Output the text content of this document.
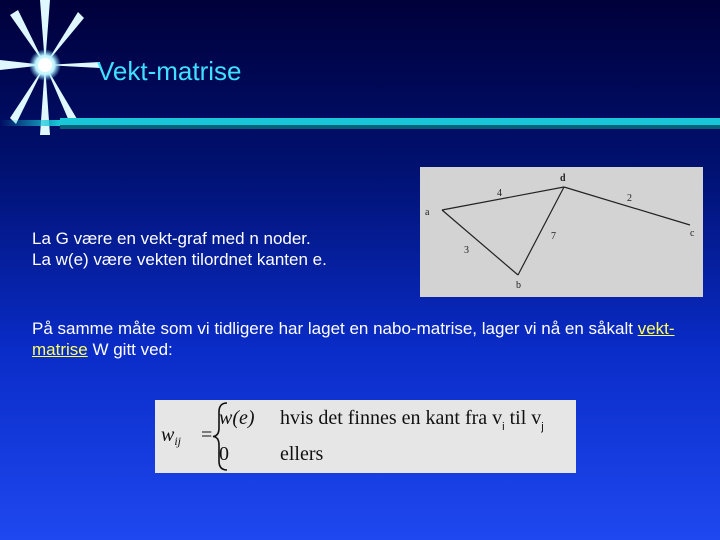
Vekt-matrise

La G være en vekt-graf med n noder.
La w(e) være vekten tilordnet kanten e.

a
b
c
d
4	2
3
7

På samme måte som vi tidligere har laget en nabo-matrise, lager vi nå en såkalt vekt-matrise W gitt ved:

$w_{ij}$ =
w(e) hvis det finnes en kant fra $v_i$ til $v_j$
0	ellers
